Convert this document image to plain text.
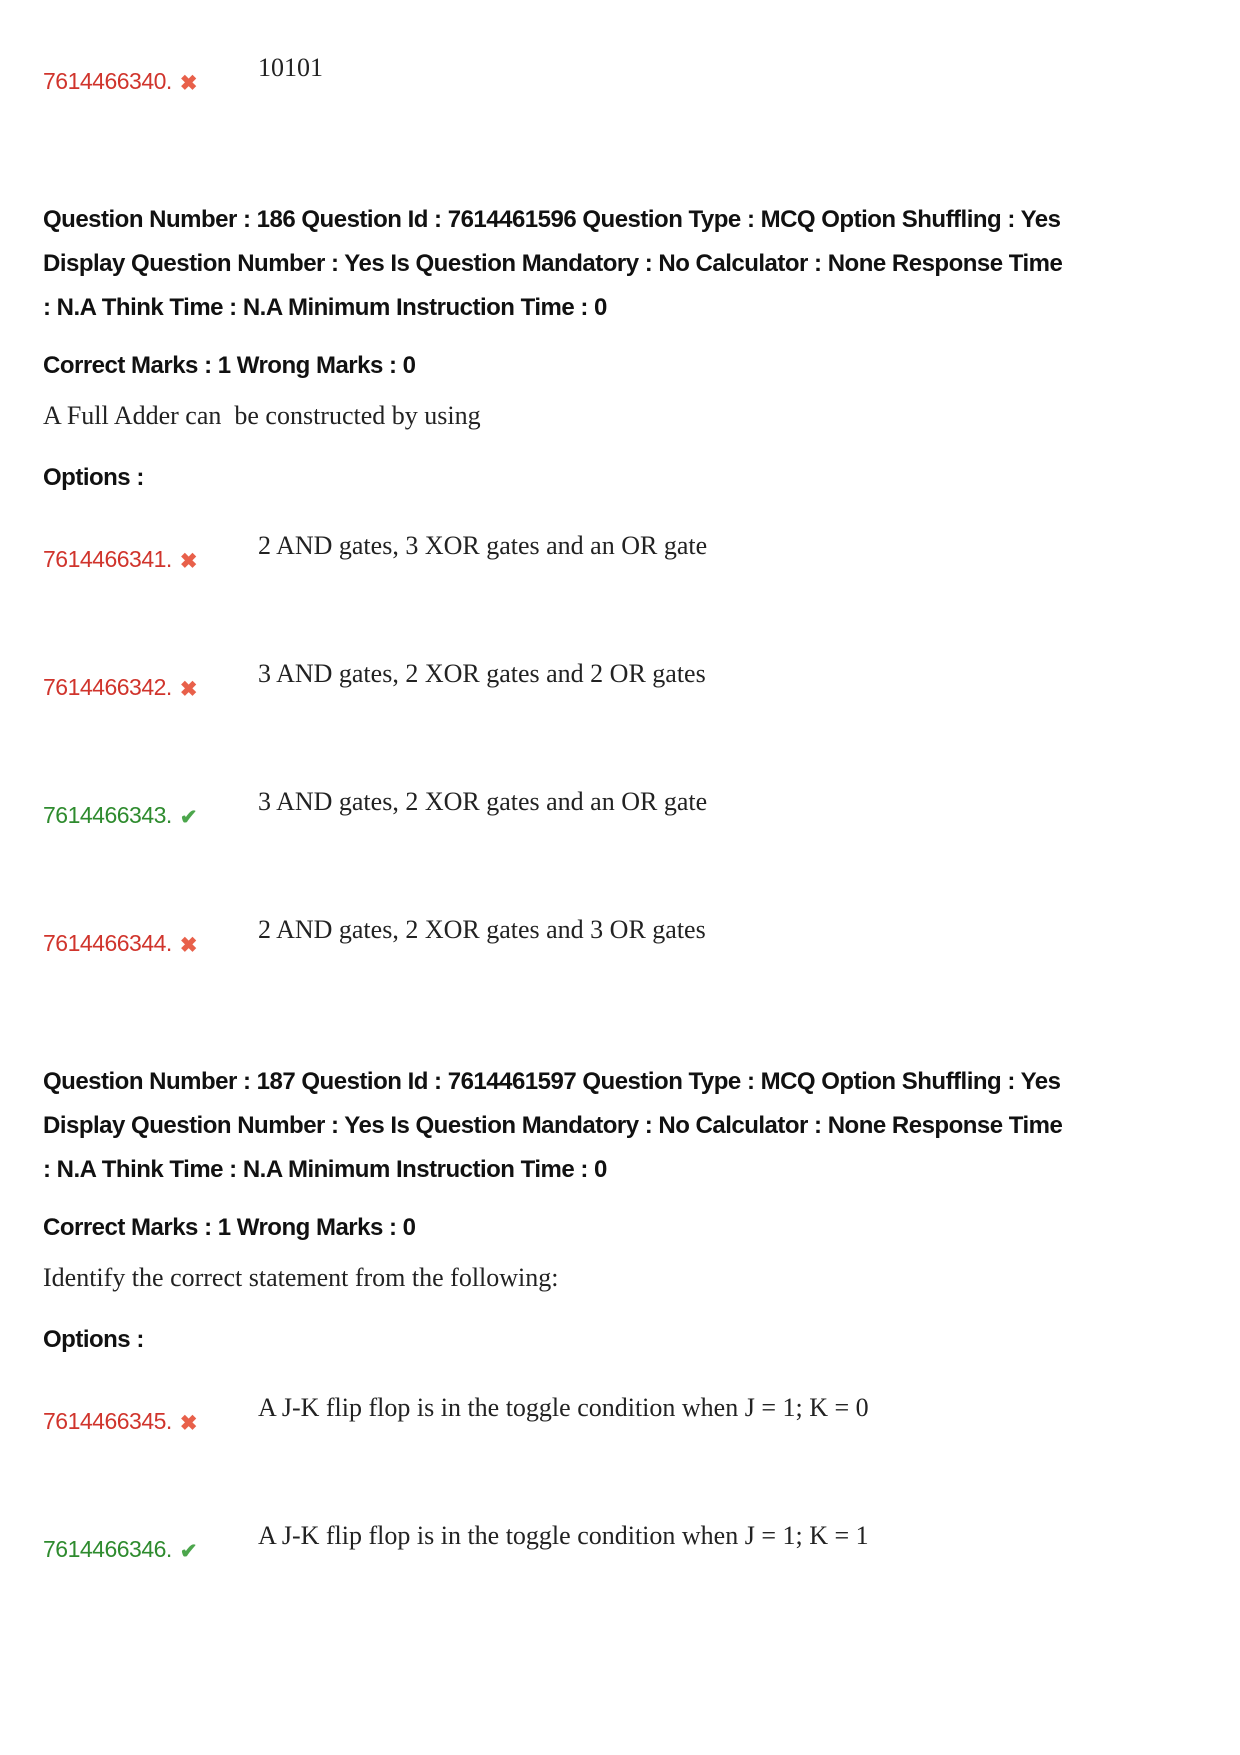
7614466340. ✖
10101
Question Number : 186 Question Id : 7614461596 Question Type : MCQ Option Shuffling : Yes
Display Question Number : Yes Is Question Mandatory : No Calculator : None Response Time
: N.A Think Time : N.A Minimum Instruction Time : 0
Correct Marks : 1 Wrong Marks : 0
A Full Adder can  be constructed by using
Options :
7614466341. ✖
2 AND gates, 3 XOR gates and an OR gate
7614466342. ✖
3 AND gates, 2 XOR gates and 2 OR gates
7614466343. ✔
3 AND gates, 2 XOR gates and an OR gate
7614466344. ✖
2 AND gates, 2 XOR gates and 3 OR gates
Question Number : 187 Question Id : 7614461597 Question Type : MCQ Option Shuffling : Yes
Display Question Number : Yes Is Question Mandatory : No Calculator : None Response Time
: N.A Think Time : N.A Minimum Instruction Time : 0
Correct Marks : 1 Wrong Marks : 0
Identify the correct statement from the following:
Options :
7614466345. ✖
A J-K flip flop is in the toggle condition when J = 1; K = 0
7614466346. ✔
A J-K flip flop is in the toggle condition when J = 1; K = 1
